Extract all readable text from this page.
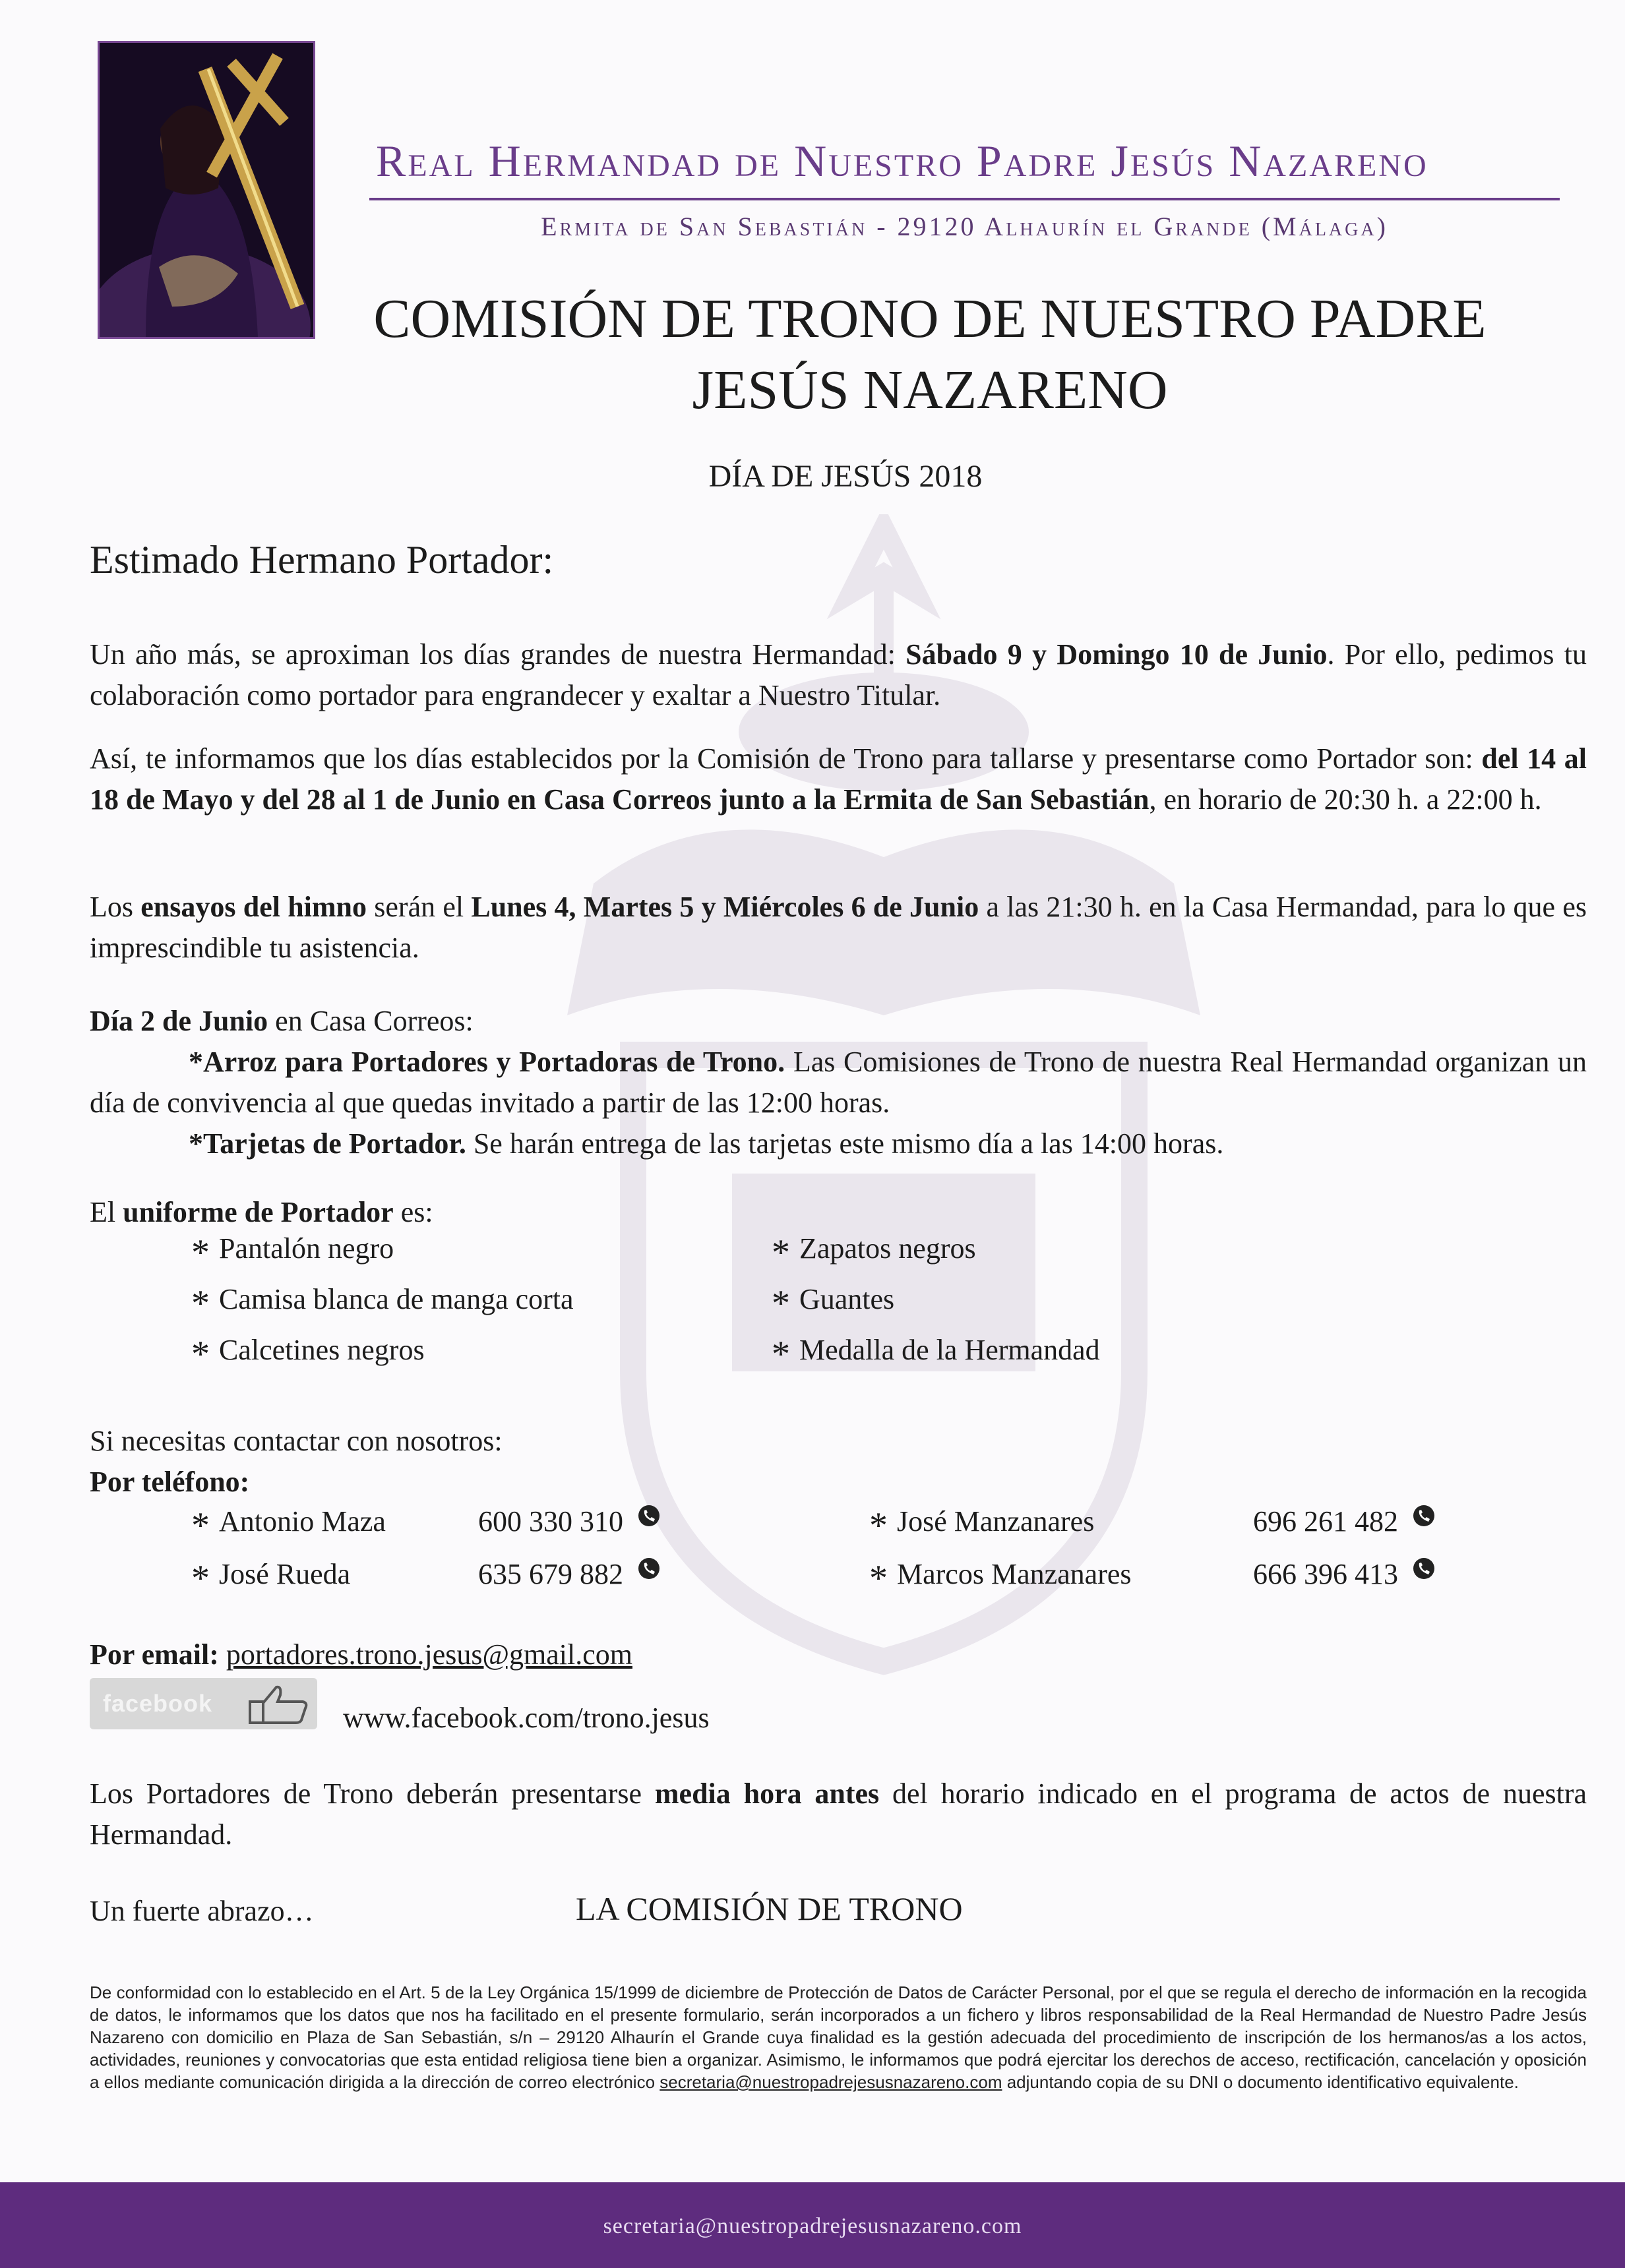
Real Hermandad de Nuestro Padre Jesús Nazareno
Ermita de San Sebastián - 29120 Alhaurín el Grande (Málaga)
COMISIÓN DE TRONO DE NUESTRO PADRE
JESÚS NAZARENO
DÍA DE JESÚS 2018
Estimado Hermano Portador:
Un año más, se aproximan los días grandes de nuestra Hermandad: Sábado 9 y Domingo 10 de Junio. Por ello, pedimos tu colaboración como portador para engrandecer y exaltar a Nuestro Titular.
Así, te informamos que los días establecidos por la Comisión de Trono para tallarse y presentarse como Portador son: del 14 al 18 de Mayo y del 28 al 1 de Junio en Casa Correos junto a la Ermita de San Sebastián, en horario de 20:30 h. a 22:00 h.
Los ensayos del himno serán el Lunes 4, Martes 5 y Miércoles 6 de Junio a las 21:30 h. en la Casa Hermandad, para lo que es imprescindible tu asistencia.
Día 2 de Junio en Casa Correos:
*Arroz para Portadores y Portadoras de Trono. Las Comisiones de Trono de nuestra Real Hermandad organizan un día de convivencia al que quedas invitado a partir de las 12:00 horas.
*Tarjetas de Portador. Se harán entrega de las tarjetas este mismo día a las 14:00 horas.
El uniforme de Portador es:
* Pantalón negro
* Camisa blanca de manga corta
* Calcetines negros
* Zapatos negros
* Guantes
* Medalla de la Hermandad
Si necesitas contactar con nosotros:
Por teléfono:
* Antonio Maza	600 330 310
* José Rueda	635 679 882
* José Manzanares	696 261 482
* Marcos Manzanares	666 396 413
Por email: portadores.trono.jesus@gmail.com
facebook	www.facebook.com/trono.jesus
Los Portadores de Trono deberán presentarse media hora antes del horario indicado en el programa de actos de nuestra Hermandad.
Un fuerte abrazo…	LA COMISIÓN DE TRONO
De conformidad con lo establecido en el Art. 5 de la Ley Orgánica 15/1999 de diciembre de Protección de Datos de Carácter Personal, por el que se regula el derecho de información en la recogida de datos, le informamos que los datos que nos ha facilitado en el presente formulario, serán incorporados a un fichero y libros responsabilidad de la Real Hermandad de Nuestro Padre Jesús Nazareno con domicilio en Plaza de San Sebastián, s/n – 29120 Alhaurín el Grande cuya finalidad es la gestión adecuada del procedimiento de inscripción de los hermanos/as a los actos, actividades, reuniones y convocatorias que esta entidad religiosa tiene bien a organizar. Asimismo, le informamos que podrá ejercitar los derechos de acceso, rectificación, cancelación y oposición a ellos mediante comunicación dirigida a la dirección de correo electrónico secretaria@nuestropadrejesusnazareno.com adjuntando copia de su DNI o documento identificativo equivalente.
secretaria@nuestropadrejesusnazareno.com
